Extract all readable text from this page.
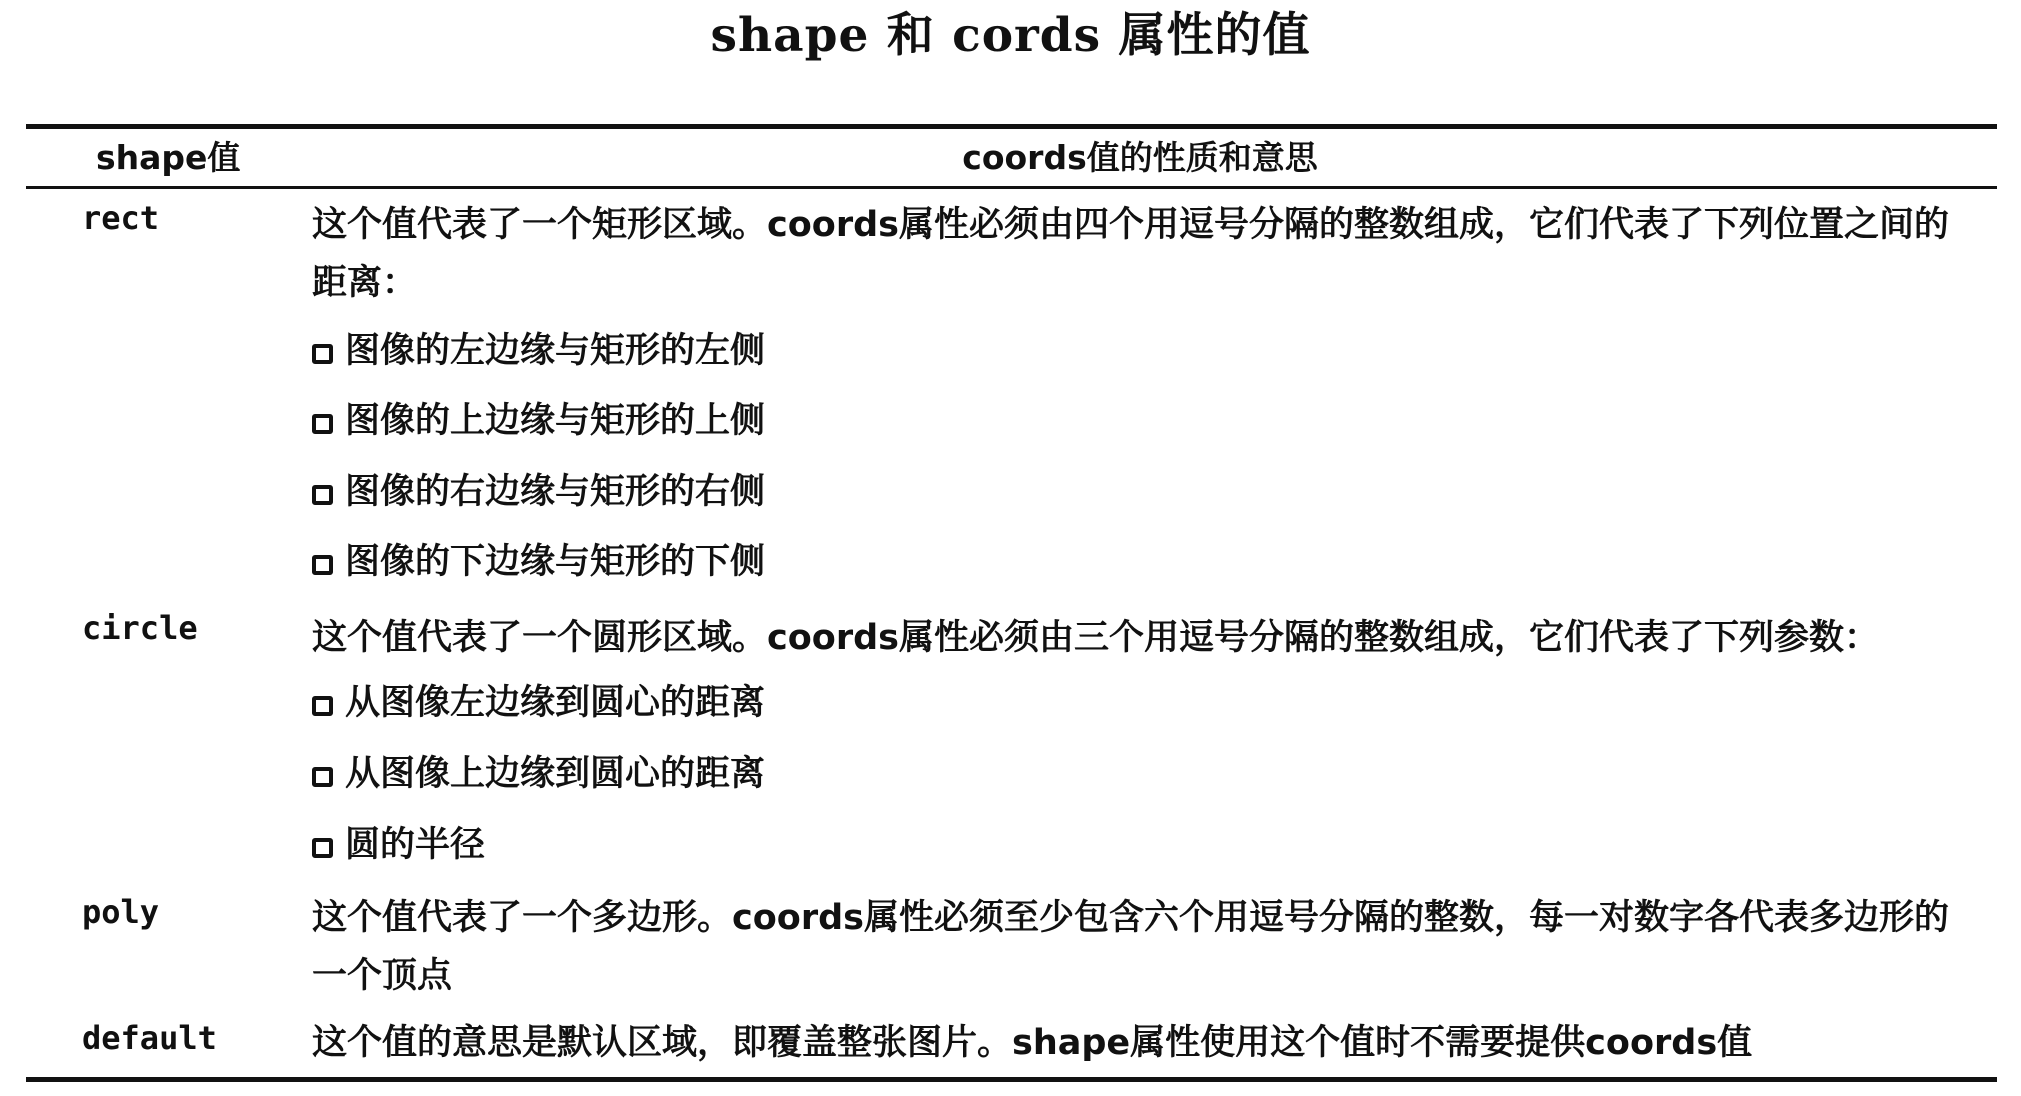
shape 和 cords 属性的值
shape值	coords值的性质和意思
rect	这个值代表了一个矩形区域。coords属性必须由四个用逗号分隔的整数组成，它们代表了下列位置之间的距离：
图像的左边缘与矩形的左侧
图像的上边缘与矩形的上侧
图像的右边缘与矩形的右侧
图像的下边缘与矩形的下侧
circle	这个值代表了一个圆形区域。coords属性必须由三个用逗号分隔的整数组成，它们代表了下列参数：
从图像左边缘到圆心的距离
从图像上边缘到圆心的距离
圆的半径
poly	这个值代表了一个多边形。coords属性必须至少包含六个用逗号分隔的整数，每一对数字各代表多边形的一个顶点
default	这个值的意思是默认区域，即覆盖整张图片。shape属性使用这个值时不需要提供coords值
